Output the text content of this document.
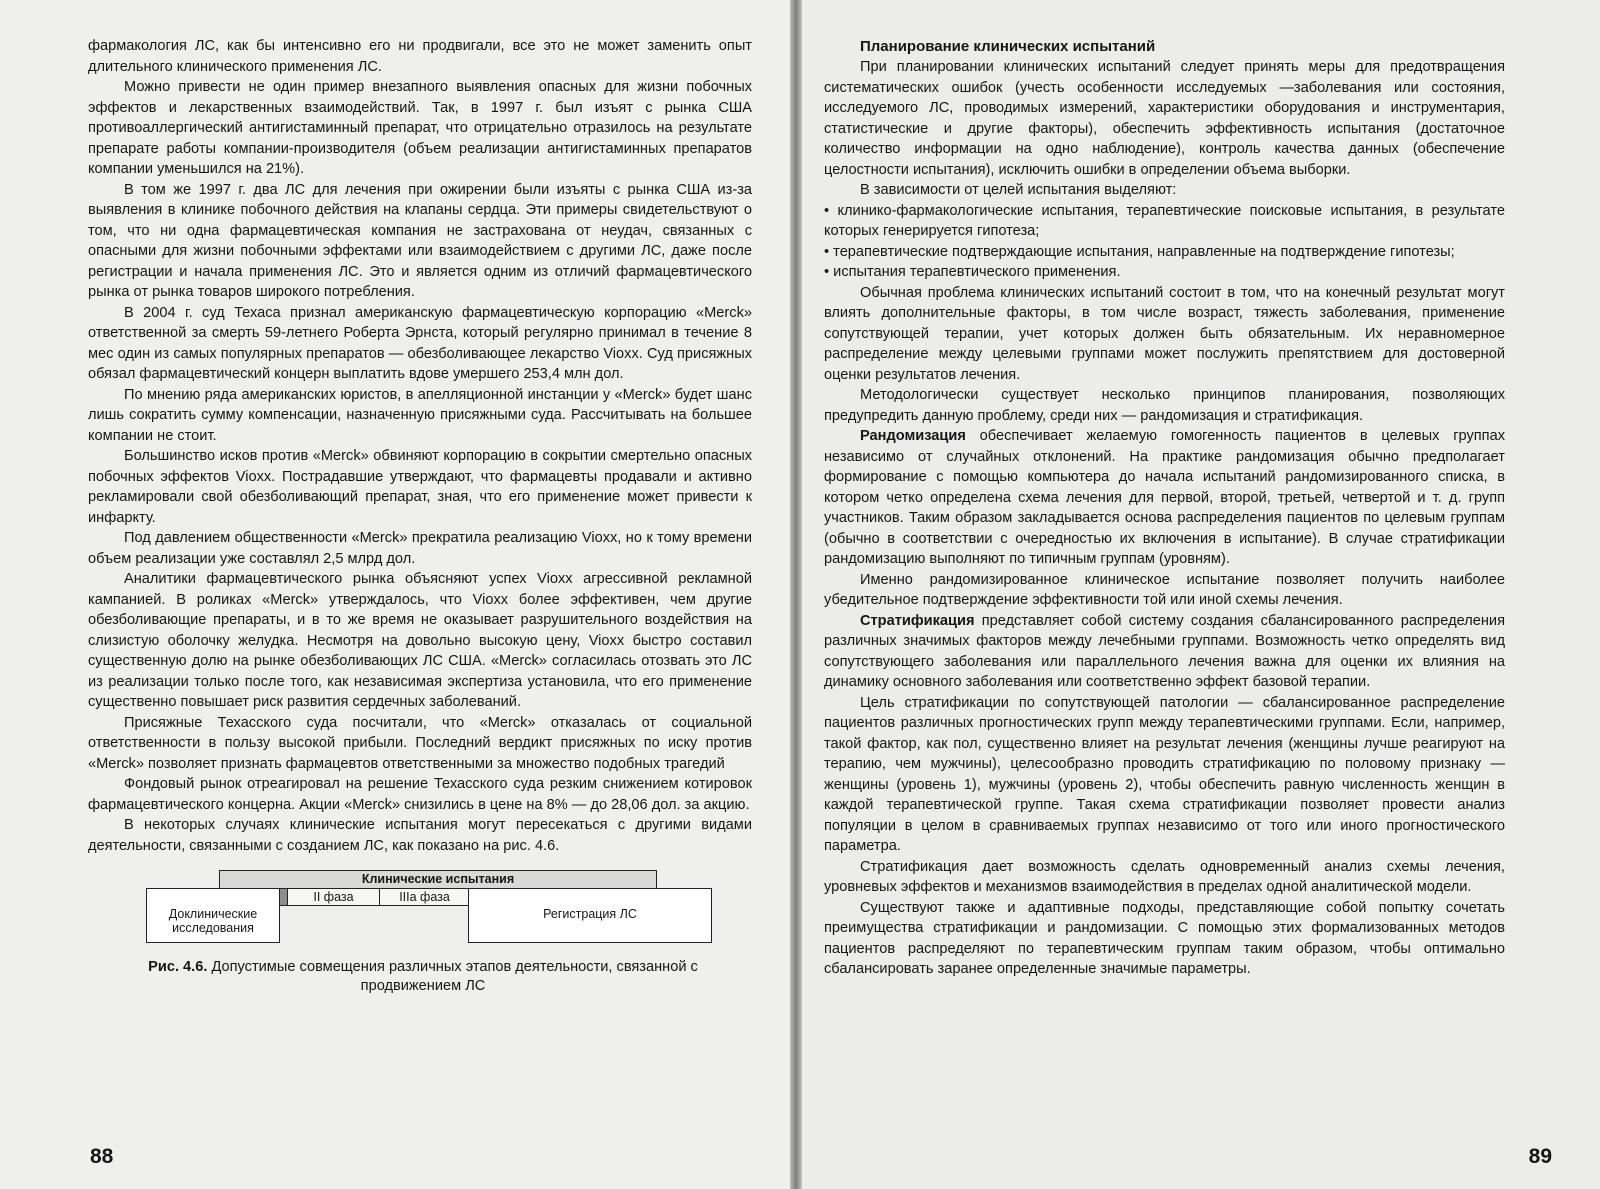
фармакология ЛС, как бы интенсивно его ни продвигали, все это не может заменить опыт длительного клинического применения ЛС.

Можно привести не один пример внезапного выявления опасных для жизни побочных эффектов и лекарственных взаимодействий. Так, в 1997 г. был изъят с рынка США противоаллергический антигистаминный препарат, что отрицательно отразилось на результате препарате работы компании-производителя (объем реализации антигистаминных препаратов компании уменьшился на 21%).

В том же 1997 г. два ЛС для лечения при ожирении были изъяты с рынка США из-за выявления в клинике побочного действия на клапаны сердца. Эти примеры свидетельствуют о том, что ни одна фармацевтическая компания не застрахована от неудач, связанных с опасными для жизни побочными эффектами или взаимодействием с другими ЛС, даже после регистрации и начала применения ЛС. Это и является одним из отличий фармацевтического рынка от рынка товаров широкого потребления.

В 2004 г. суд Техаса признал американскую фармацевтическую корпорацию «Merck» ответственной за смерть 59-летнего Роберта Эрнста, который регулярно принимал в течение 8 мес один из самых популярных препаратов — обезболивающее лекарство Vioxx. Суд присяжных обязал фармацевтический концерн выплатить вдове умершего 253,4 млн дол.

По мнению ряда американских юристов, в апелляционной инстанции у «Merck» будет шанс лишь сократить сумму компенсации, назначенную присяжными суда. Рассчитывать на большее компании не стоит.

Большинство исков против «Merck» обвиняют корпорацию в сокрытии смертельно опасных побочных эффектов Vioxx. Пострадавшие утверждают, что фармацевты продавали и активно рекламировали свой обезболивающий препарат, зная, что его применение может привести к инфаркту.

Под давлением общественности «Merck» прекратила реализацию Vioxx, но к тому времени объем реализации уже составлял 2,5 млрд дол.

Аналитики фармацевтического рынка объясняют успех Vioxx агрессивной рекламной кампанией. В роликах «Merck» утверждалось, что Vioxx более эффективен, чем другие обезболивающие препараты, и в то же время не оказывает разрушительного воздействия на слизистую оболочку желудка. Несмотря на довольно высокую цену, Vioxx быстро составил существенную долю на рынке обезболивающих ЛС США. «Merck» согласилась отозвать это ЛС из реализации только после того, как независимая экспертиза установила, что его применение существенно повышает риск развития сердечных заболеваний.

Присяжные Техасского суда посчитали, что «Merck» отказалась от социальной ответственности в пользу высокой прибыли. Последний вердикт присяжных по иску против «Merck» позволяет признать фармацевтов ответственными за множество подобных трагедий

Фондовый рынок отреагировал на решение Техасского суда резким снижением котировок фармацевтического концерна. Акции «Merck» снизились в цене на 8% — до 28,06 дол. за акцию.

В некоторых случаях клинические испытания могут пересекаться с другими видами деятельности, связанными с созданием ЛС, как показано на рис. 4.6.

Клинические испытания
II фаза	IIIa фаза
Доклинические исследования
Регистрация ЛС
Рис. 4.6. Допустимые совмещения различных этапов деятельности, связанной с продвижением ЛС
88
Планирование клинических испытаний

При планировании клинических испытаний следует принять меры для предотвращения систематических ошибок (учесть особенности исследуемых —заболевания или состояния, исследуемого ЛС, проводимых измерений, характеристики оборудования и инструментария, статистические и другие факторы), обеспечить эффективность испытания (достаточное количество информации на одно наблюдение), контроль качества данных (обеспечение целостности испытания), исключить ошибки в определении объема выборки.

В зависимости от целей испытания выделяют:

• клинико-фармакологические испытания, терапевтические поисковые испытания, в результате которых генерируется гипотеза;

• терапевтические подтверждающие испытания, направленные на подтверждение гипотезы;

• испытания терапевтического применения.

Обычная проблема клинических испытаний состоит в том, что на конечный результат могут влиять дополнительные факторы, в том числе возраст, тяжесть заболевания, применение сопутствующей терапии, учет которых должен быть обязательным. Их неравномерное распределение между целевыми группами может послужить препятствием для достоверной оценки результатов лечения.

Методологически существует несколько принципов планирования, позволяющих предупредить данную проблему, среди них — рандомизация и стратификация.

Рандомизация обеспечивает желаемую гомогенность пациентов в целевых группах независимо от случайных отклонений. На практике рандомизация обычно предполагает формирование с помощью компьютера до начала испытаний рандомизированного списка, в котором четко определена схема лечения для первой, второй, третьей, четвертой и т. д. групп участников. Таким образом закладывается основа распределения пациентов по целевым группам (обычно в соответствии с очередностью их включения в испытание). В случае стратификации рандомизацию выполняют по типичным группам (уровням).

Именно рандомизированное клиническое испытание позволяет получить наиболее убедительное подтверждение эффективности той или иной схемы лечения.

Стратификация представляет собой систему создания сбалансированного распределения различных значимых факторов между лечебными группами. Возможность четко определять вид сопутствующего заболевания или параллельного лечения важна для оценки их влияния на динамику основного заболевания или соответственно эффект базовой терапии.

Цель стратификации по сопутствующей патологии — сбалансированное распределение пациентов различных прогностических групп между терапевтическими группами. Если, например, такой фактор, как пол, существенно влияет на результат лечения (женщины лучше реагируют на терапию, чем мужчины), целесообразно проводить стратификацию по половому признаку — женщины (уровень 1), мужчины (уровень 2), чтобы обеспечить равную численность женщин в каждой терапевтической группе. Такая схема стратификации позволяет провести анализ популяции в целом в сравниваемых группах независимо от того или иного прогностического параметра.

Стратификация дает возможность сделать одновременный анализ схемы лечения, уровневых эффектов и механизмов взаимодействия в пределах одной аналитической модели.

Существуют также и адаптивные подходы, представляющие собой попытку сочетать преимущества стратификации и рандомизации. С помощью этих формализованных методов пациентов распределяют по терапевтическим группам таким образом, чтобы оптимально сбалансировать заранее определенные значимые параметры.

89
